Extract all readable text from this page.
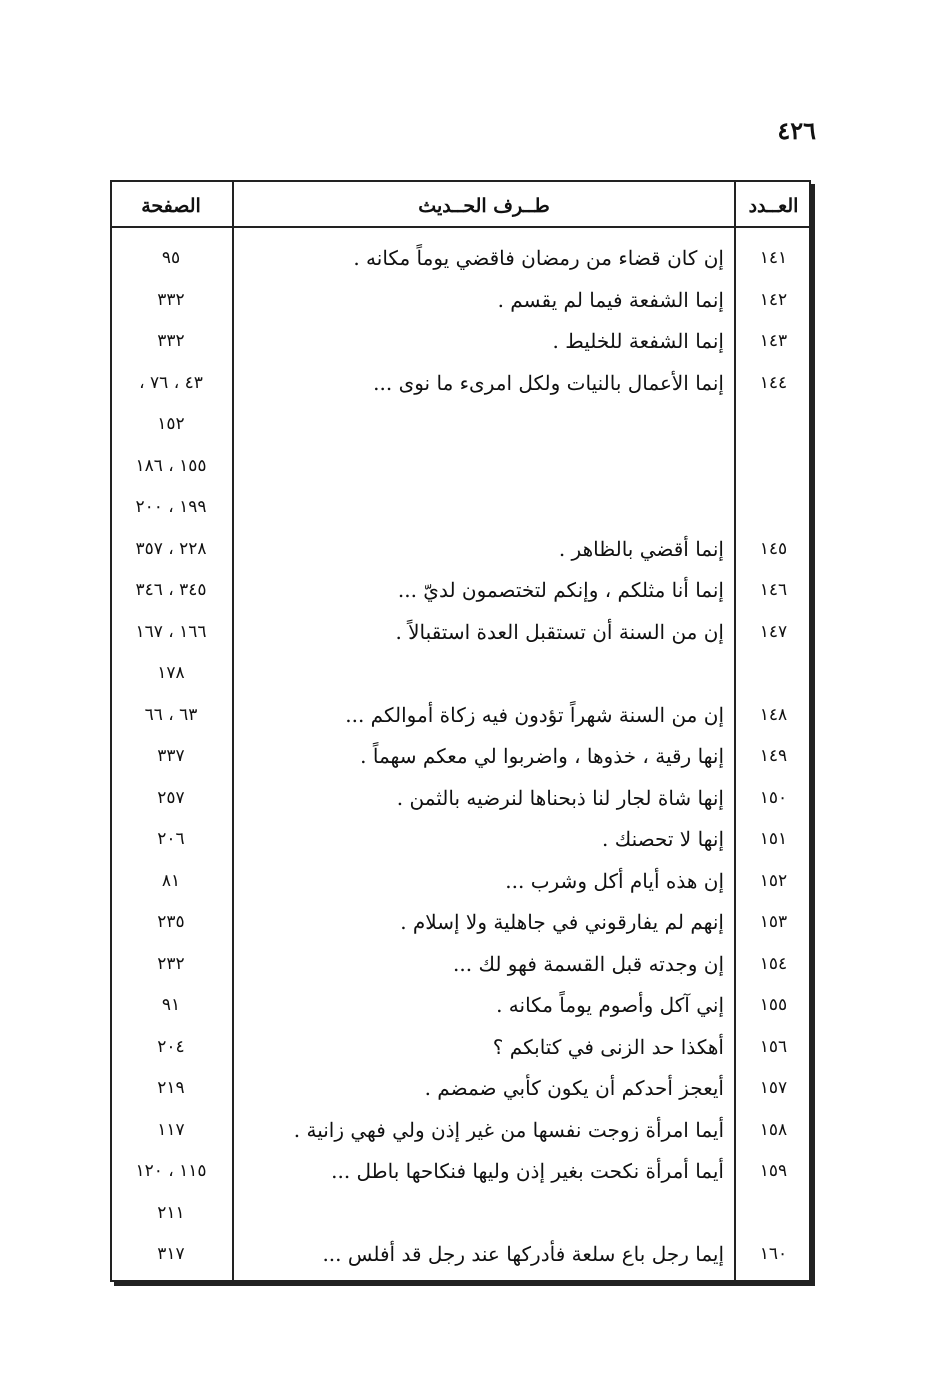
٤٢٦
العــدد
طــرف الحــديث
الصفحة
١٤١
إن كان قضاء من رمضان فاقضي يوماً مكانه .
٩٥
١٤٢
إنما الشفعة فيما لم يقسم .
٣٣٢
١٤٣
إنما الشفعة للخليط .
٣٣٢
١٤٤
إنما الأعمال بالنيات ولكل امرىء ما نوى ...
٤٣ ، ٧٦ ،
١٥٢
١٥٥ ، ١٨٦
١٩٩ ، ٢٠٠
١٤٥
إنما أقضي بالظاهر .
٢٢٨ ، ٣٥٧
١٤٦
إنما أنا مثلكم ، وإنكم لتختصمون لديّ ...
٣٤٥ ، ٣٤٦
١٤٧
إن من السنة أن تستقبل العدة استقبالاً .
١٦٦ ، ١٦٧
١٧٨
١٤٨
إن من السنة شهراً تؤدون فيه زكاة أموالكم ...
٦٣ ، ٦٦
١٤٩
إنها رقية ، خذوها ، واضربوا لي معكم سهماً .
٣٣٧
١٥٠
إنها شاة لجار لنا ذبحناها لنرضيه بالثمن .
٢٥٧
١٥١
إنها لا تحصنك .
٢٠٦
١٥٢
إن هذه أيام أكل وشرب ...
٨١
١٥٣
إنهم لم يفارقوني في جاهلية ولا إسلام .
٢٣٥
١٥٤
إن وجدته قبل القسمة فهو لك ...
٢٣٢
١٥٥
إني آكل وأصوم يوماً مكانه .
٩١
١٥٦
أهكذا حد الزنى في كتابكم ؟
٢٠٤
١٥٧
أيعجز أحدكم أن يكون كأبي ضمضم .
٢١٩
١٥٨
أيما امرأة زوجت نفسها من غير إذن ولي فهي زانية .
١١٧
١٥٩
أيما أمرأة نكحت بغير إذن وليها فنكاحها باطل ...
١١٥ ، ١٢٠
٢١١
١٦٠
إيما رجل باع سلعة فأدركها عند رجل قد أفلس ...
٣١٧
